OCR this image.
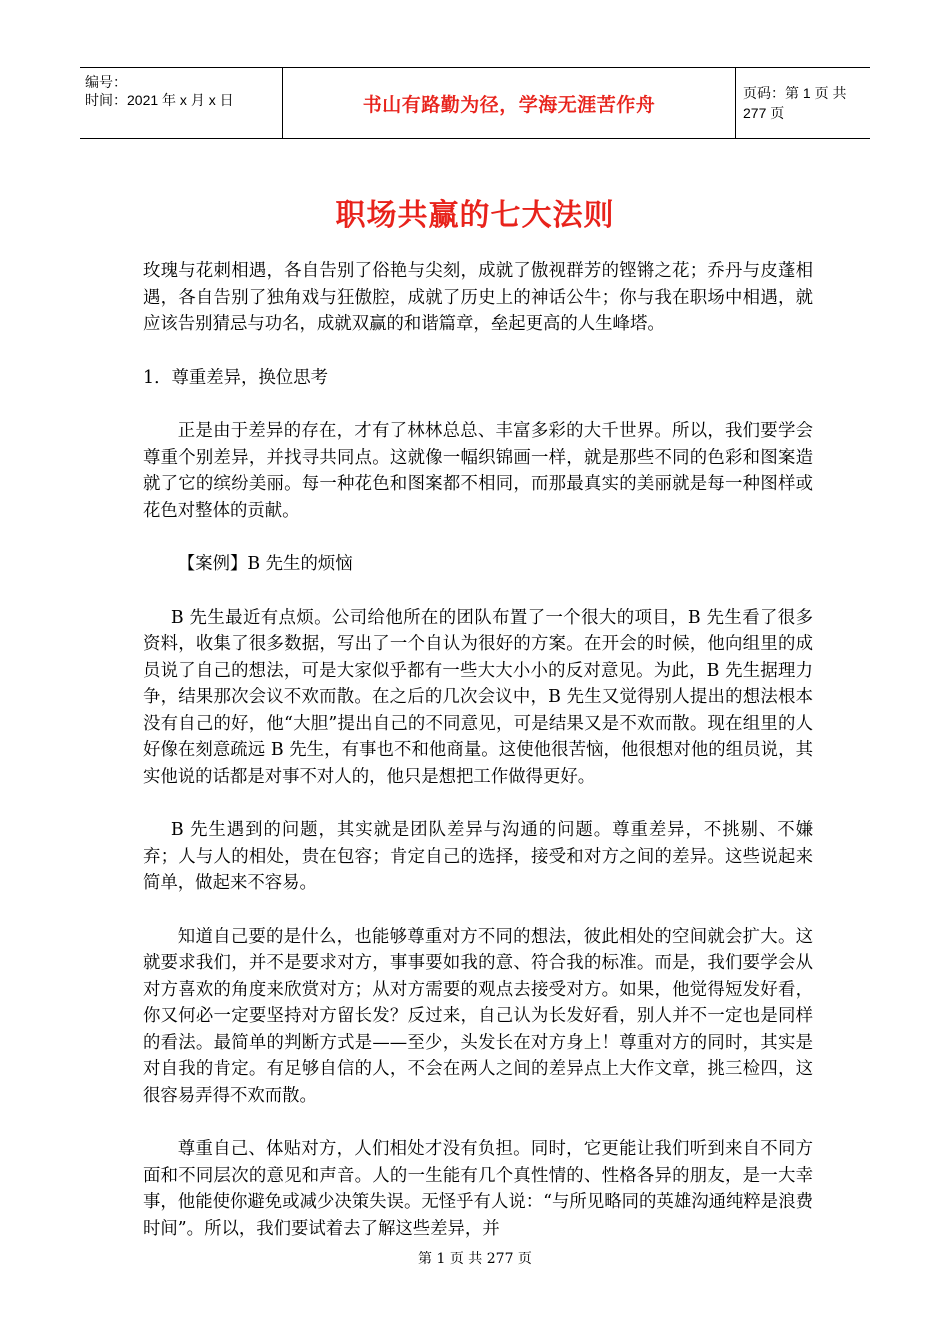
编号：
时间：2021 年 x 月 x 日	书山有路勤为径，学海无涯苦作舟
页码：第 1 页 共 277 页
职场共赢的七大法则

玫瑰与花刺相遇，各自告别了俗艳与尖刻，成就了傲视群芳的铿锵之花；乔丹与皮蓬相遇，各自告别了独角戏与狂傲腔，成就了历史上的神话公牛；你与我在职场中相遇，就应该告别猜忌与功名，成就双赢的和谐篇章，垒起更高的人生峰塔。

1．尊重差异，换位思考

正是由于差异的存在，才有了林林总总、丰富多彩的大千世界。所以，我们要学会尊重个别差异，并找寻共同点。这就像一幅织锦画一样，就是那些不同的色彩和图案造就了它的缤纷美丽。每一种花色和图案都不相同，而那最真实的美丽就是每一种图样或花色对整体的贡献。

【案例】B 先生的烦恼

B 先生最近有点烦。公司给他所在的团队布置了一个很大的项目，B 先生看了很多资料，收集了很多数据，写出了一个自认为很好的方案。在开会的时候，他向组里的成员说了自己的想法，可是大家似乎都有一些大大小小的反对意见。为此，B 先生据理力争，结果那次会议不欢而散。在之后的几次会议中，B 先生又觉得别人提出的想法根本没有自己的好，他“大胆”提出自己的不同意见，可是结果又是不欢而散。现在组里的人好像在刻意疏远 B 先生，有事也不和他商量。这使他很苦恼，他很想对他的组员说，其实他说的话都是对事不对人的，他只是想把工作做得更好。

B 先生遇到的问题，其实就是团队差异与沟通的问题。尊重差异，不挑剔、不嫌弃；人与人的相处，贵在包容；肯定自己的选择，接受和对方之间的差异。这些说起来简单，做起来不容易。

知道自己要的是什么，也能够尊重对方不同的想法，彼此相处的空间就会扩大。这就要求我们，并不是要求对方，事事要如我的意、符合我的标准。而是，我们要学会从对方喜欢的角度来欣赏对方；从对方需要的观点去接受对方。如果，他觉得短发好看，你又何必一定要坚持对方留长发？反过来，自己认为长发好看，别人并不一定也是同样的看法。最简单的判断方式是——至少，头发长在对方身上！尊重对方的同时，其实是对自我的肯定。有足够自信的人，不会在两人之间的差异点上大作文章，挑三检四，这很容易弄得不欢而散。

尊重自己、体贴对方，人们相处才没有负担。同时，它更能让我们听到来自不同方面和不同层次的意见和声音。人的一生能有几个真性情的、性格各异的朋友，是一大幸事，他能使你避免或减少决策失误。无怪乎有人说：“与所见略同的英雄沟通纯粹是浪费时间”。所以，我们要试着去了解这些差异，并

第 1 页 共 277 页
